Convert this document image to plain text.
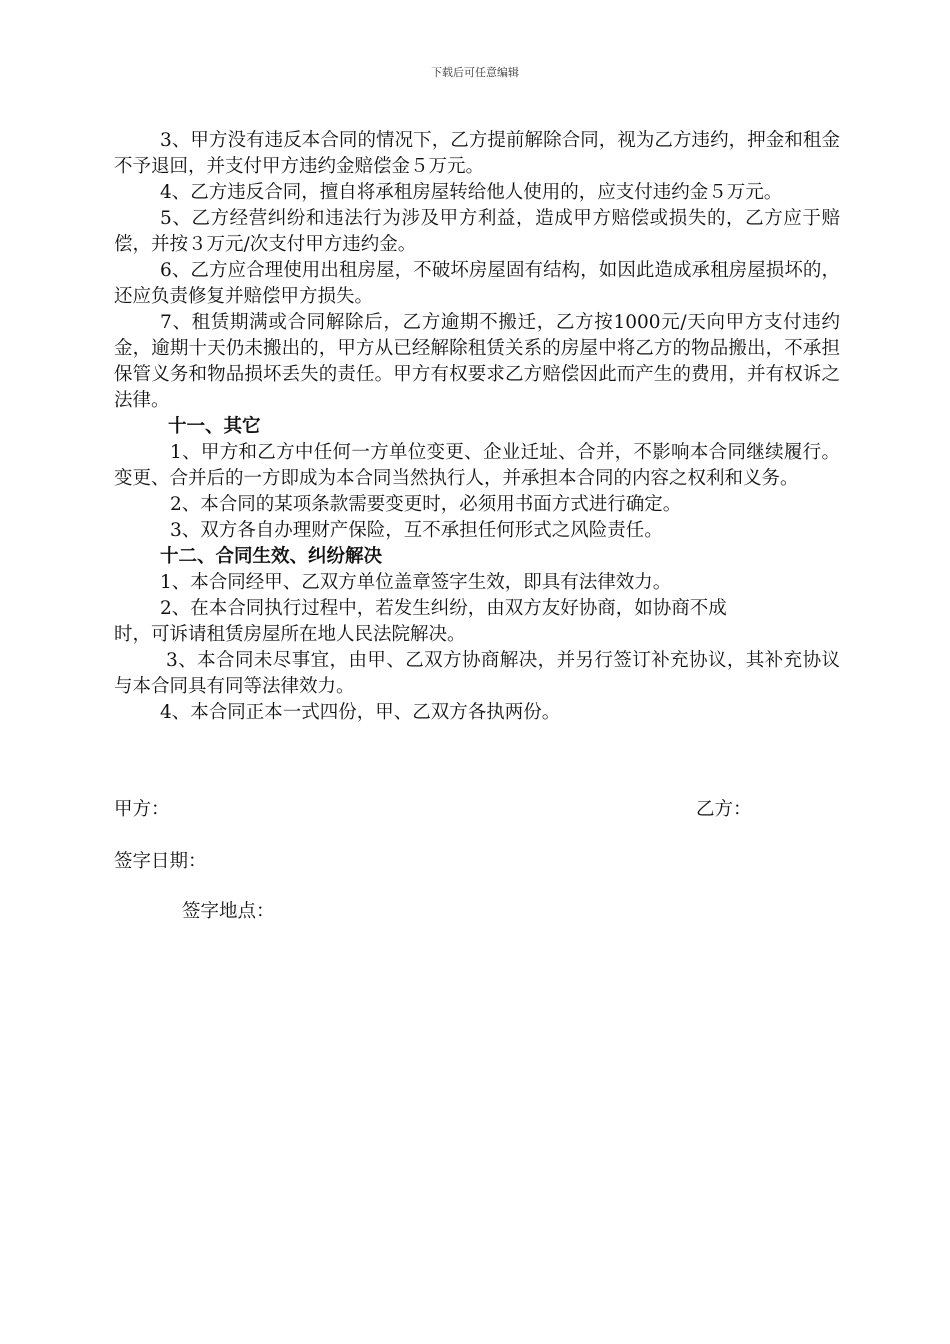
下载后可任意编辑

3、甲方没有违反本合同的情况下，乙方提前解除合同，视为乙方违约，押金和租金不予退回，并支付甲方违约金赔偿金５万元。

4、乙方违反合同，擅自将承租房屋转给他人使用的，应支付违约金５万元。

5、乙方经营纠纷和违法行为涉及甲方利益，造成甲方赔偿或损失的，乙方应于赔偿，并按３万元/次支付甲方违约金。

6、乙方应合理使用出租房屋，不破坏房屋固有结构，如因此造成承租房屋损坏的，还应负责修复并赔偿甲方损失。

7、租赁期满或合同解除后，乙方逾期不搬迁，乙方按1000元/天向甲方支付违约金，逾期十天仍未搬出的，甲方从已经解除租赁关系的房屋中将乙方的物品搬出，不承担保管义务和物品损坏丢失的责任。甲方有权要求乙方赔偿因此而产生的费用，并有权诉之法律。

十一、其它

1、甲方和乙方中任何一方单位变更、企业迁址、合并，不影响本合同继续履行。变更、合并后的一方即成为本合同当然执行人，并承担本合同的内容之权利和义务。

2、本合同的某项条款需要变更时，必须用书面方式进行确定。

3、双方各自办理财产保险，互不承担任何形式之风险责任。

十二、合同生效、纠纷解决

1、本合同经甲、乙双方单位盖章签字生效，即具有法律效力。

2、在本合同执行过程中，若发生纠纷，由双方友好协商，如协商不成

时，可诉请租赁房屋所在地人民法院解决。

3、本合同未尽事宜，由甲、乙双方协商解决，并另行签订补充协议，其补充协议与本合同具有同等法律效力。

4、本合同正本一式四份，甲、乙双方各执两份。

甲方：	乙方：
签字日期：
签字地点：
